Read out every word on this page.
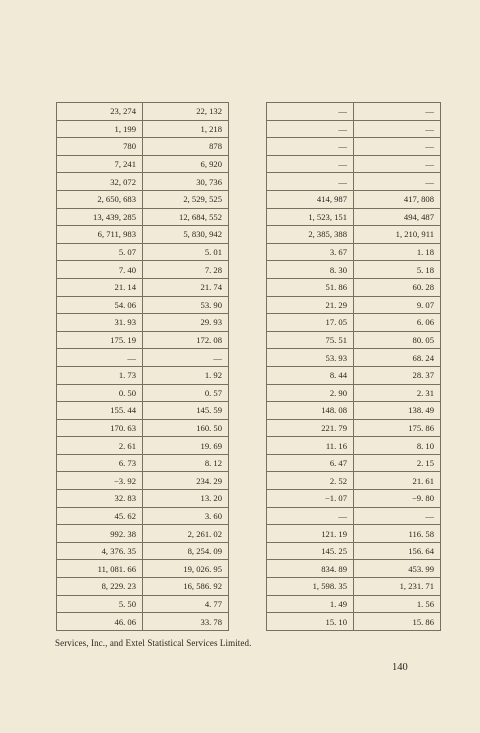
23, 274	22, 132
1, 199	1, 218
780	878
7, 241	6, 920
32, 072	30, 736
2, 650, 683	2, 529, 525
13, 439, 285	12, 684, 552
6, 711, 983	5, 830, 942
5. 07	5. 01
7. 40	7. 28
21. 14	21. 74
54. 06	53. 90
31. 93	29. 93
175. 19	172. 08
—	—
1. 73	1. 92
0. 50	0. 57
155. 44	145. 59
170. 63	160. 50
2. 61	19. 69
6. 73	8. 12
−3. 92	234. 29
32. 83	13. 20
45. 62	3. 60
992. 38	2, 261. 02
4, 376. 35	8, 254. 09
11, 081. 66	19, 026. 95
8, 229. 23	16, 586. 92
5. 50	4. 77
46. 06	33. 78
—	—
—	—
—	—
—	—
—	—
414, 987	417, 808
1, 523, 151	494, 487
2, 385, 388	1, 210, 911
3. 67	1. 18
8. 30	5. 18
51. 86	60. 28
21. 29	9. 07
17. 05	6. 06
75. 51	80. 05
53. 93	68. 24
8. 44	28. 37
2. 90	2. 31
148. 08	138. 49
221. 79	175. 86
11. 16	8. 10
6. 47	2. 15
2. 52	21. 61
−1. 07	−9. 80
—	—
121. 19	116. 58
145. 25	156. 64
834. 89	453. 99
1, 598. 35	1, 231. 71
1. 49	1. 56
15. 10	15. 86
Services, Inc., and Extel Statistical Services Limited.
140
